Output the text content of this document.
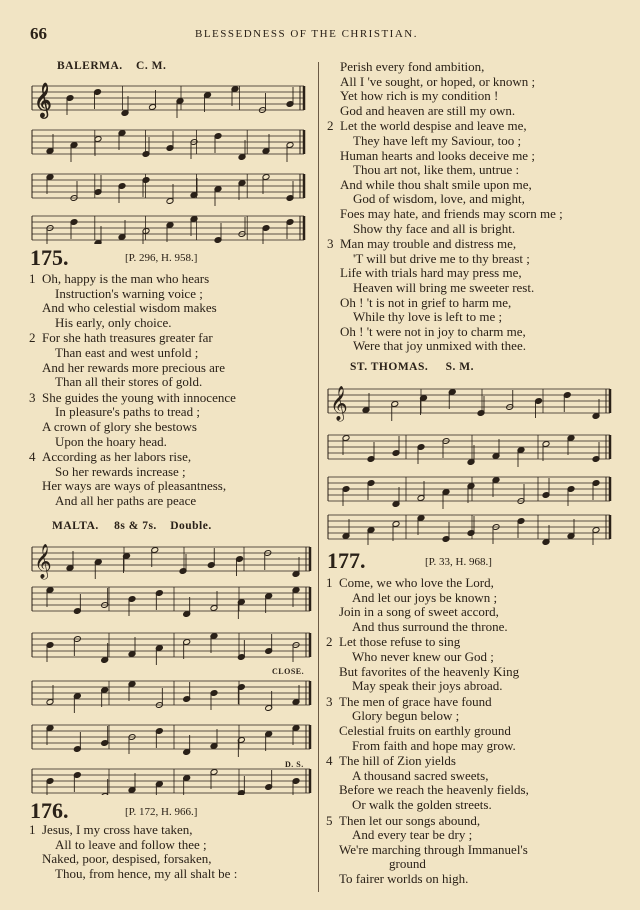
66	BLESSEDNESS OF THE CHRISTIAN.
BALERMA. C. M.
𝄞
175.	[P. 296, H. 958.]
1 Oh, happy is the man who hears
Instruction's warning voice ;
And who celestial wisdom makes
His early, only choice.
2 For she hath treasures greater far
Than east and west unfold ;
And her rewards more precious are
Than all their stores of gold.
3 She guides the young with innocence
In pleasure's paths to tread ;
A crown of glory she bestows
Upon the hoary head.
4 According as her labors rise,
So her rewards increase ;
Her ways are ways of pleasantness,
And all her paths are peace
MALTA. 8s & 7s. Double.
𝄞
CLOSE.
D. S.
176.	[P. 172, H. 966.]
1 Jesus, I my cross have taken,
All to leave and follow thee ;
Naked, poor, despised, forsaken,
Thou, from hence, my all shalt be :
Perish every fond ambition,
All I 've sought, or hoped, or known ;
Yet how rich is my condition !
God and heaven are still my own.
2 Let the world despise and leave me,
They have left my Saviour, too ;
Human hearts and looks deceive me ;
Thou art not, like them, untrue :
And while thou shalt smile upon me,
God of wisdom, love, and might,
Foes may hate, and friends may scorn me ;
Show thy face and all is bright.
3 Man may trouble and distress me,
'T will but drive me to thy breast ;
Life with trials hard may press me,
Heaven will bring me sweeter rest.
Oh ! 't is not in grief to harm me,
While thy love is left to me ;
Oh ! 't were not in joy to charm me,
Were that joy unmixed with thee.
ST. THOMAS. S. M.
𝄞
177.	[P. 33, H. 968.]
1 Come, we who love the Lord,
And let our joys be known ;
Join in a song of sweet accord,
And thus surround the throne.
2 Let those refuse to sing
Who never knew our God ;
But favorites of the heavenly King
May speak their joys abroad.
3 The men of grace have found
Glory begun below ;
Celestial fruits on earthly ground
From faith and hope may grow.
4 The hill of Zion yields
A thousand sacred sweets,
Before we reach the heavenly fields,
Or walk the golden streets.
5 Then let our songs abound,
And every tear be dry ;
We're marching through Immanuel's
ground
To fairer worlds on high.
